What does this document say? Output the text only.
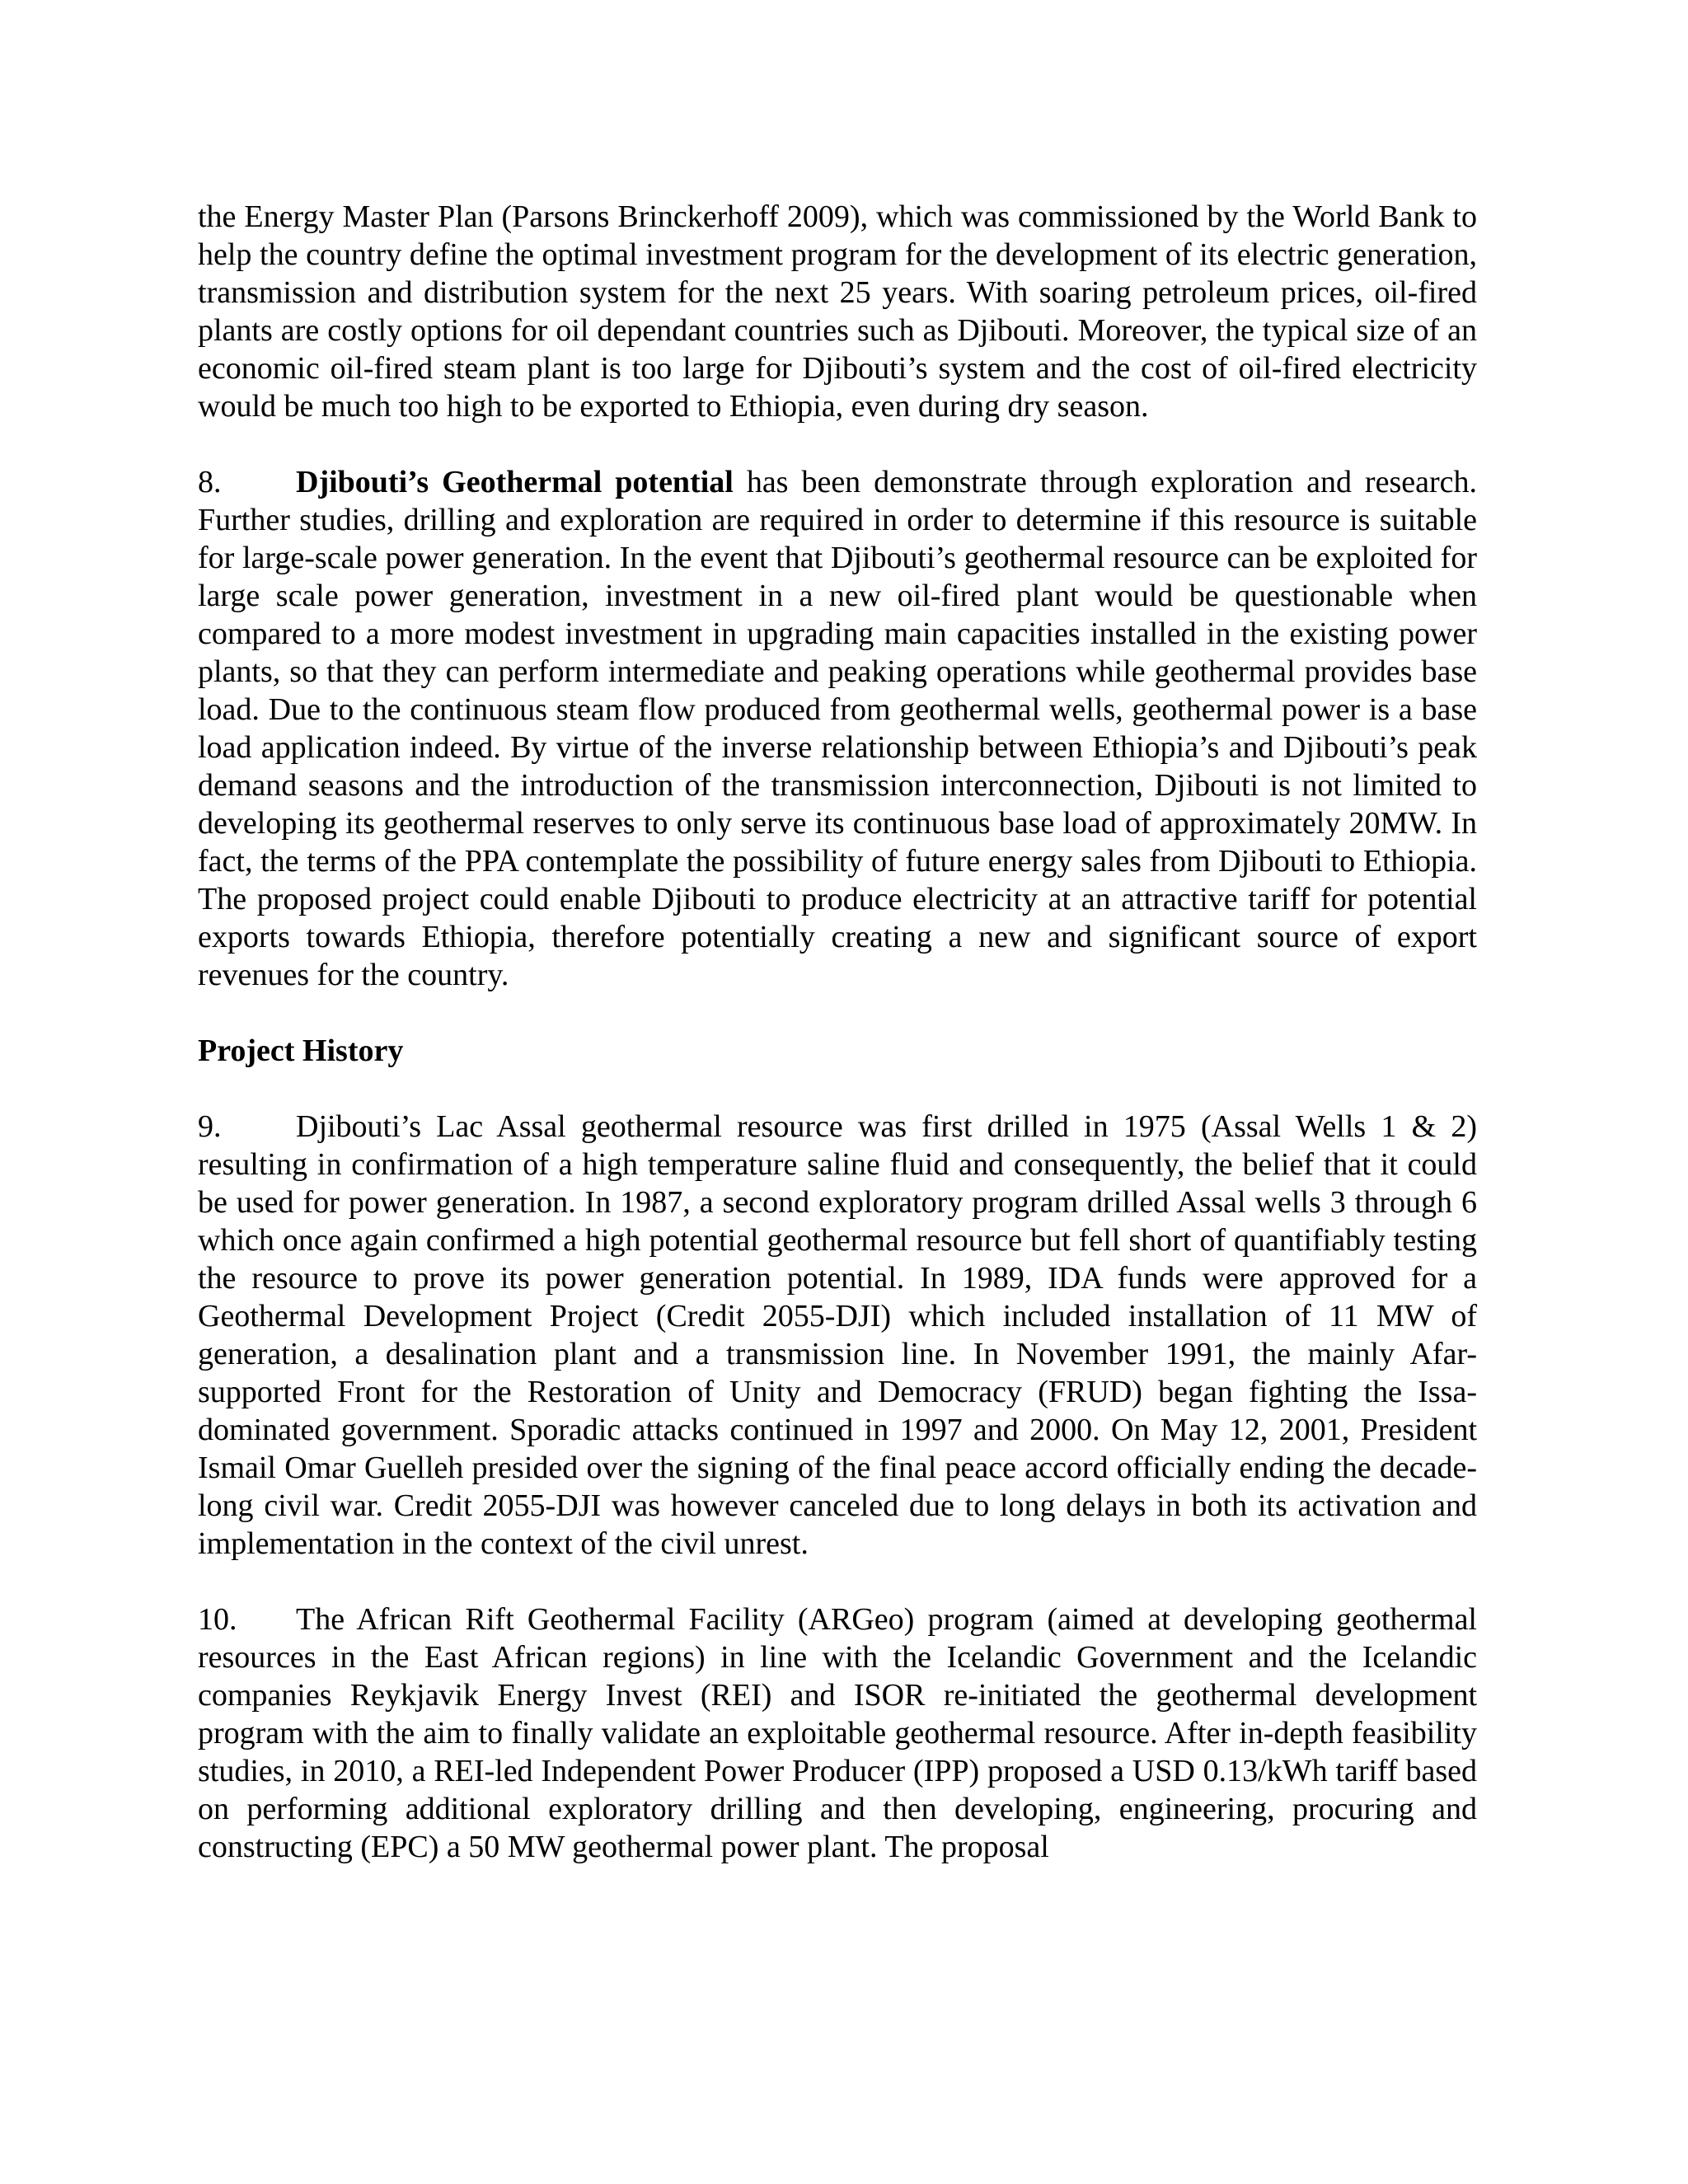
the Energy Master Plan (Parsons Brinckerhoff 2009), which was commissioned by the World Bank to help the country define the optimal investment program for the development of its electric generation, transmission and distribution system for the next 25 years. With soaring petroleum prices, oil-fired plants are costly options for oil dependant countries such as Djibouti. Moreover, the typical size of an economic oil-fired steam plant is too large for Djibouti’s system and the cost of oil-fired electricity would be much too high to be exported to Ethiopia, even during dry season.

8. Djibouti’s Geothermal potential has been demonstrate through exploration and research. Further studies, drilling and exploration are required in order to determine if this resource is suitable for large-scale power generation. In the event that Djibouti’s geothermal resource can be exploited for large scale power generation, investment in a new oil-fired plant would be questionable when compared to a more modest investment in upgrading main capacities installed in the existing power plants, so that they can perform intermediate and peaking operations while geothermal provides base load. Due to the continuous steam flow produced from geothermal wells, geothermal power is a base load application indeed. By virtue of the inverse relationship between Ethiopia’s and Djibouti’s peak demand seasons and the introduction of the transmission interconnection, Djibouti is not limited to developing its geothermal reserves to only serve its continuous base load of approximately 20MW. In fact, the terms of the PPA contemplate the possibility of future energy sales from Djibouti to Ethiopia. The proposed project could enable Djibouti to produce electricity at an attractive tariff for potential exports towards Ethiopia, therefore potentially creating a new and significant source of export revenues for the country.

Project History

9. Djibouti’s Lac Assal geothermal resource was first drilled in 1975 (Assal Wells 1 & 2) resulting in confirmation of a high temperature saline fluid and consequently, the belief that it could be used for power generation. In 1987, a second exploratory program drilled Assal wells 3 through 6 which once again confirmed a high potential geothermal resource but fell short of quantifiably testing the resource to prove its power generation potential. In 1989, IDA funds were approved for a Geothermal Development Project (Credit 2055-DJI) which included installation of 11 MW of generation, a desalination plant and a transmission line. In November 1991, the mainly Afar-supported Front for the Restoration of Unity and Democracy (FRUD) began fighting the Issa-dominated government. Sporadic attacks continued in 1997 and 2000. On May 12, 2001, President Ismail Omar Guelleh presided over the signing of the final peace accord officially ending the decade-long civil war. Credit 2055-DJI was however canceled due to long delays in both its activation and implementation in the context of the civil unrest.

10. The African Rift Geothermal Facility (ARGeo) program (aimed at developing geothermal resources in the East African regions) in line with the Icelandic Government and the Icelandic companies Reykjavik Energy Invest (REI) and ISOR re-initiated the geothermal development program with the aim to finally validate an exploitable geothermal resource. After in-depth feasibility studies, in 2010, a REI-led Independent Power Producer (IPP) proposed a USD 0.13/kWh tariff based on performing additional exploratory drilling and then developing, engineering, procuring and constructing (EPC) a 50 MW geothermal power plant. The proposal
